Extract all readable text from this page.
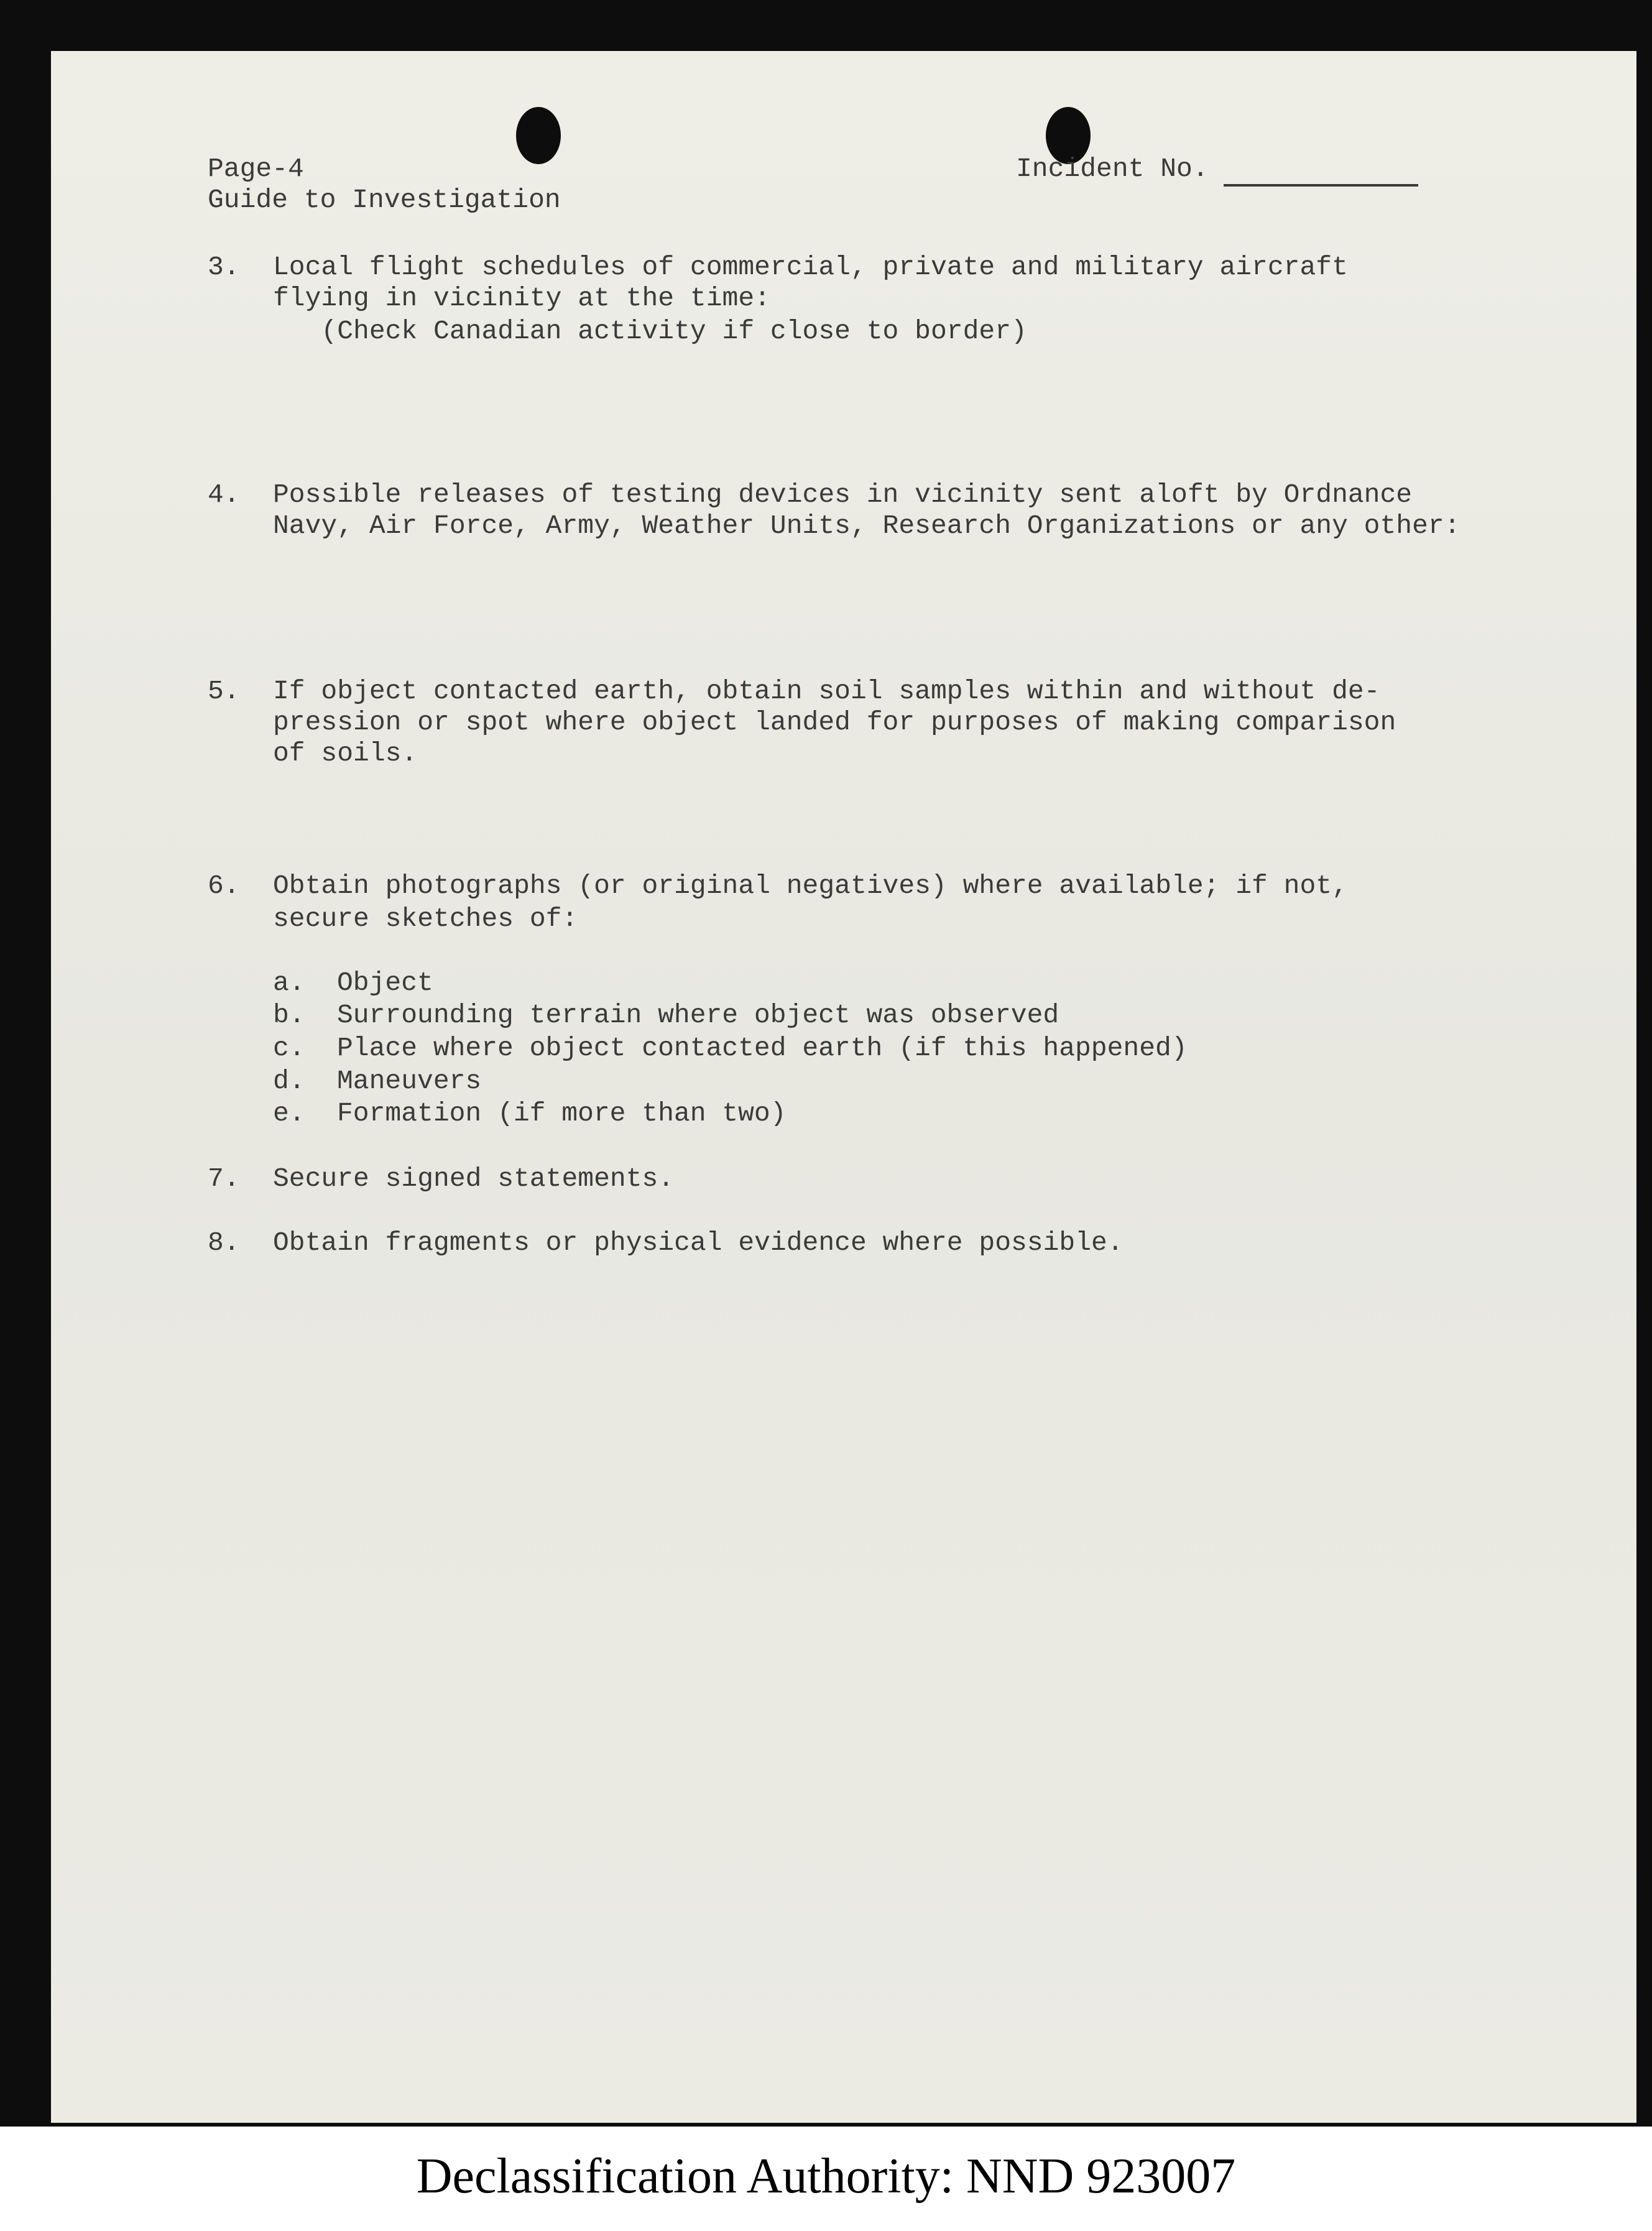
Page-4
Guide to Investigation
Incident No.
3. Local flight schedules of commercial, private and military aircraft
flying in vicinity at the time:
(Check Canadian activity if close to border)
4. Possible releases of testing devices in vicinity sent aloft by Ordnance
Navy, Air Force, Army, Weather Units, Research Organizations or any other:
5. If object contacted earth, obtain soil samples within and without de-
pression or spot where object landed for purposes of making comparison
of soils.
6. Obtain photographs (or original negatives) where available; if not,
secure sketches of:
a. Object
b. Surrounding terrain where object was observed
c. Place where object contacted earth (if this happened)
d. Maneuvers
e. Formation (if more than two)
7. Secure signed statements.
8. Obtain fragments or physical evidence where possible.
Declassification Authority: NND 923007
